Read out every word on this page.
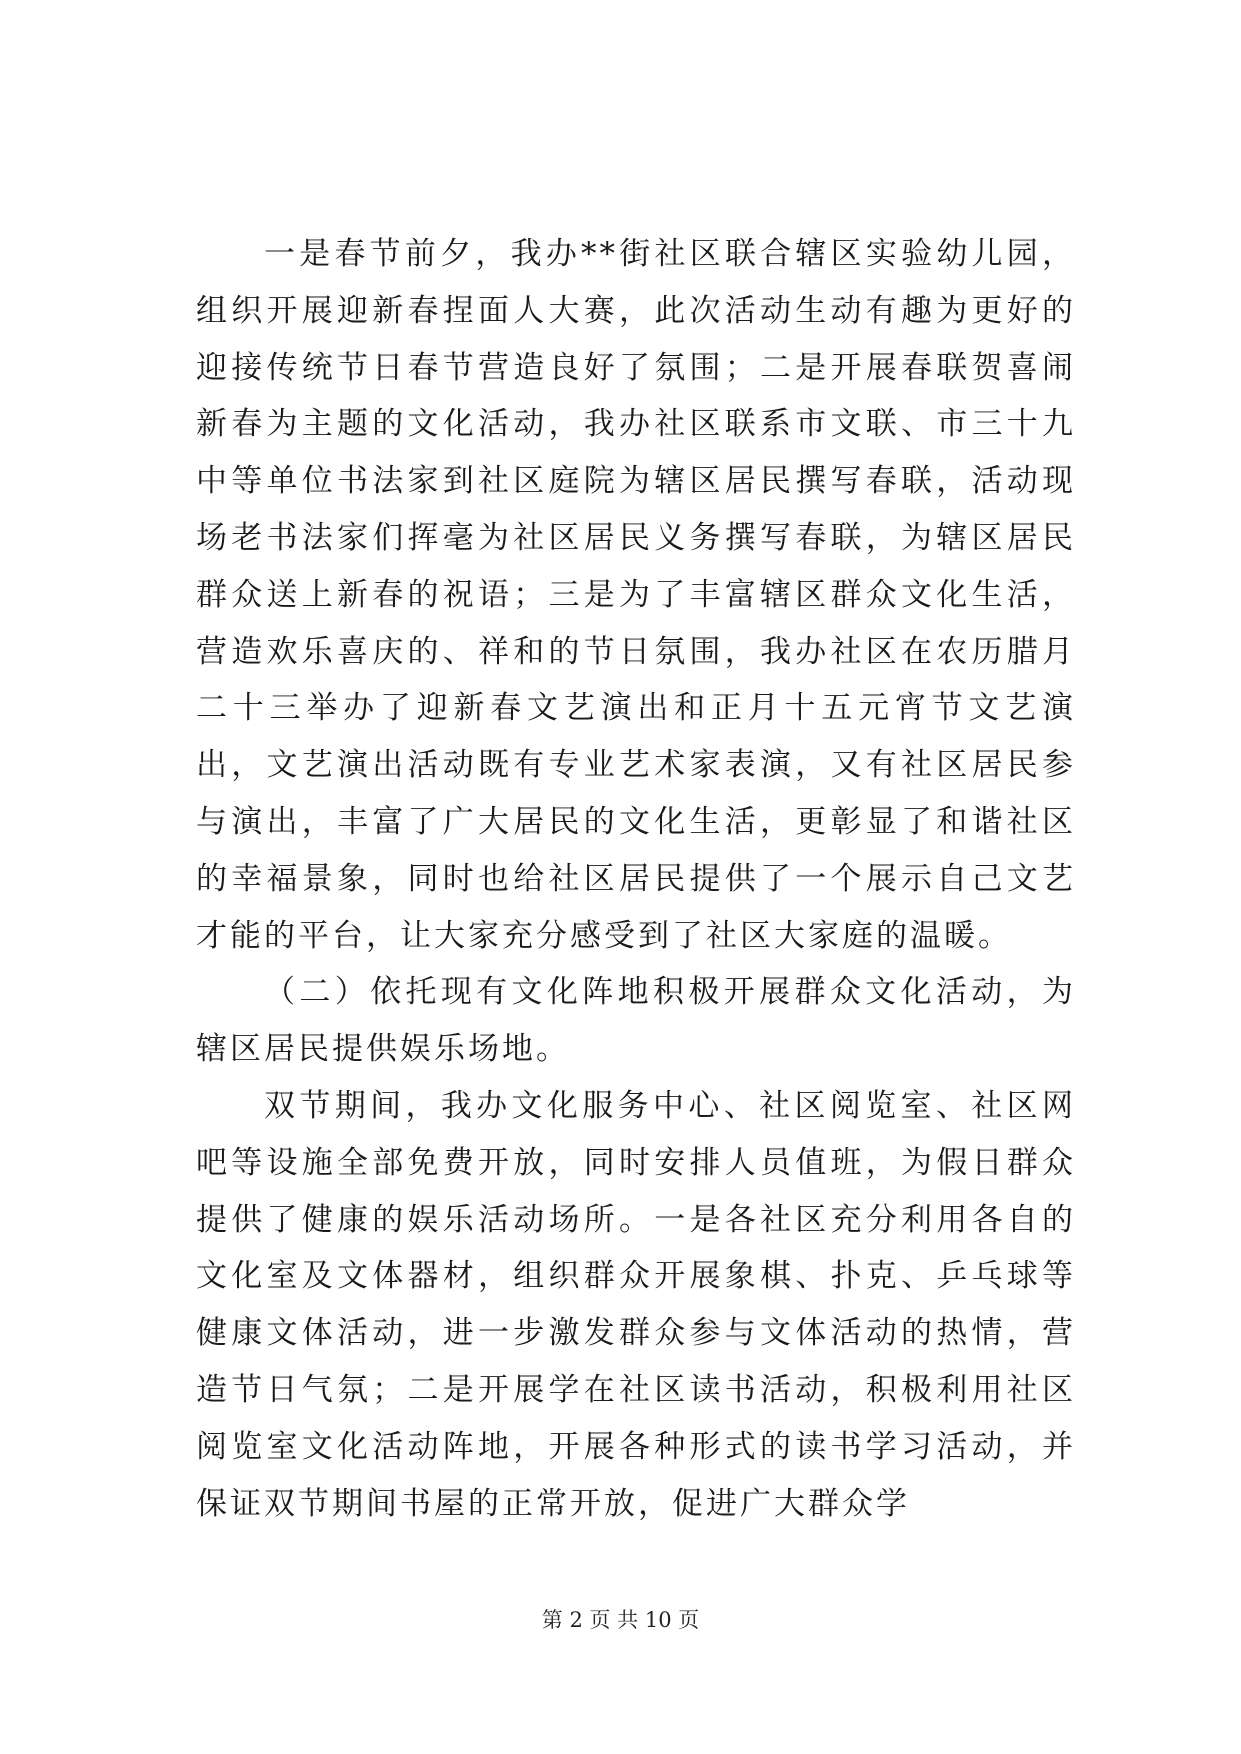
一是春节前夕，我办**街社区联合辖区实验幼儿园，组织开展迎新春捏面人大赛，此次活动生动有趣为更好的迎接传统节日春节营造良好了氛围；二是开展春联贺喜闹新春为主题的文化活动，我办社区联系市文联、市三十九中等单位书法家到社区庭院为辖区居民撰写春联，活动现场老书法家们挥毫为社区居民义务撰写春联，为辖区居民群众送上新春的祝语；三是为了丰富辖区群众文化生活，营造欢乐喜庆的、祥和的节日氛围，我办社区在农历腊月二十三举办了迎新春文艺演出和正月十五元宵节文艺演出，文艺演出活动既有专业艺术家表演，又有社区居民参与演出，丰富了广大居民的文化生活，更彰显了和谐社区的幸福景象，同时也给社区居民提供了一个展示自己文艺才能的平台，让大家充分感受到了社区大家庭的温暖。

（二）依托现有文化阵地积极开展群众文化活动，为辖区居民提供娱乐场地。

双节期间，我办文化服务中心、社区阅览室、社区网吧等设施全部免费开放，同时安排人员值班，为假日群众提供了健康的娱乐活动场所。一是各社区充分利用各自的文化室及文体器材，组织群众开展象棋、扑克、乒乓球等健康文体活动，进一步激发群众参与文体活动的热情，营造节日气氛；二是开展学在社区读书活动，积极利用社区阅览室文化活动阵地，开展各种形式的读书学习活动，并保证双节期间书屋的正常开放，促进广大群众学

第 2 页 共 10 页
